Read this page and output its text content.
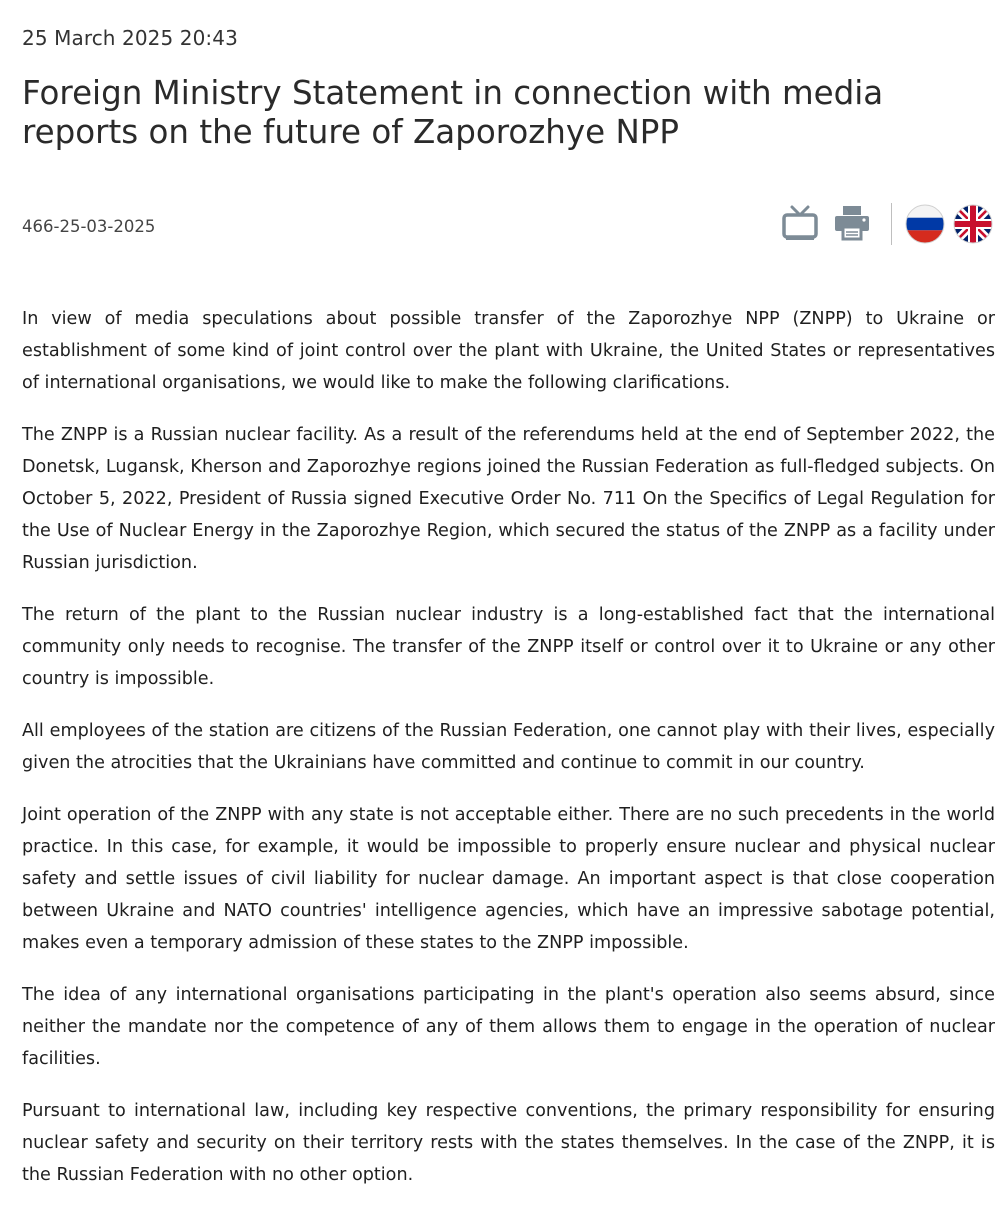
25 March 2025 20:43
Foreign Ministry Statement in connection with media reports on the future of Zaporozhye NPP
466-25-03-2025

In view of media speculations about possible transfer of the Zaporozhye NPP (ZNPP) to Ukraine or establishment of some kind of joint control over the plant with Ukraine, the United States or representatives of international organisations, we would like to make the following clarifications.

The ZNPP is a Russian nuclear facility. As a result of the referendums held at the end of September 2022, the Donetsk, Lugansk, Kherson and Zaporozhye regions joined the Russian Federation as full-fledged subjects. On October 5, 2022, President of Russia signed Executive Order No. 711 On the Specifics of Legal Regulation for the Use of Nuclear Energy in the Zaporozhye Region, which secured the status of the ZNPP as a facility under Russian jurisdiction.

The return of the plant to the Russian nuclear industry is a long-established fact that the international community only needs to recognise. The transfer of the ZNPP itself or control over it to Ukraine or any other country is impossible.

All employees of the station are citizens of the Russian Federation, one cannot play with their lives, especially given the atrocities that the Ukrainians have committed and continue to commit in our country.

Joint operation of the ZNPP with any state is not acceptable either. There are no such precedents in the world practice. In this case, for example, it would be impossible to properly ensure nuclear and physical nuclear safety and settle issues of civil liability for nuclear damage. An important aspect is that close cooperation between Ukraine and NATO countries' intelligence agencies, which have an impressive sabotage potential, makes even a temporary admission of these states to the ZNPP impossible.

The idea of any international organisations participating in the plant's operation also seems absurd, since neither the mandate nor the competence of any of them allows them to engage in the operation of nuclear facilities.

Pursuant to international law, including key respective conventions, the primary responsibility for ensuring nuclear safety and security on their territory rests with the states themselves. In the case of the ZNPP, it is the Russian Federation with no other option.
